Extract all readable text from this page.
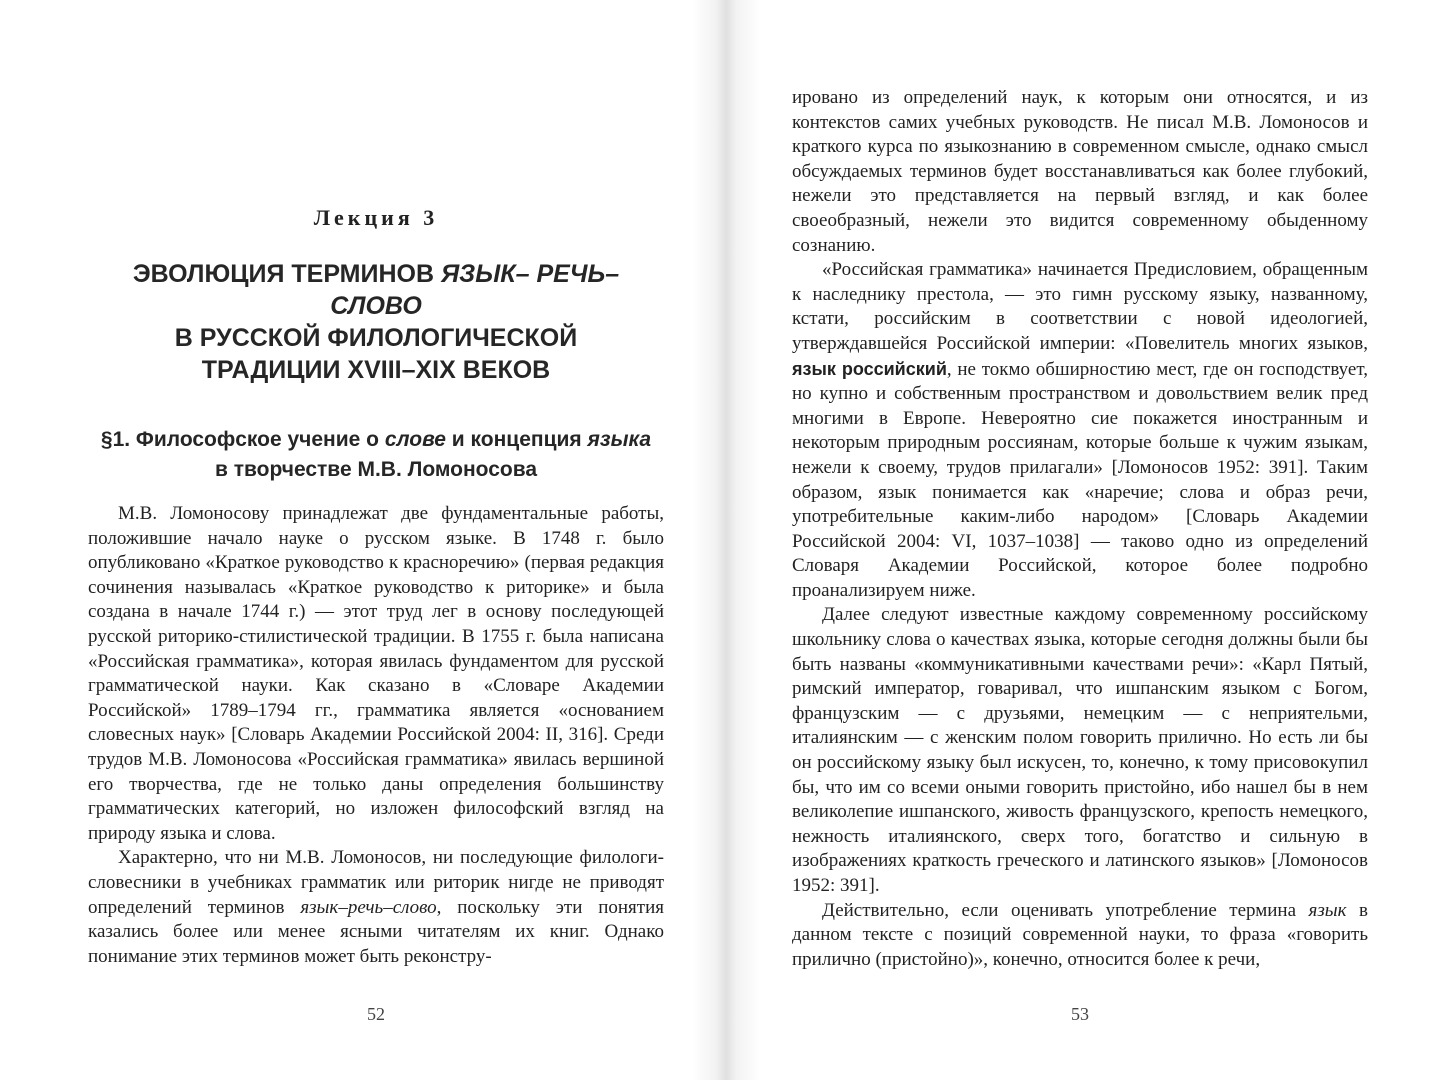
Лекция 3
ЭВОЛЮЦИЯ ТЕРМИНОВ ЯЗЫК– РЕЧЬ–СЛОВО
В РУССКОЙ ФИЛОЛОГИЧЕСКОЙ
ТРАДИЦИИ XVIII–XIX ВЕКОВ
§1. Философское учение о слове и концепция языка
в творчестве М.В. Ломоносова

М.В. Ломоносову принадлежат две фундаментальные работы, положившие начало науке о русском языке. В 1748 г. было опубликовано «Краткое руководство к красноречию» (первая редакция сочинения называлась «Краткое руководство к риторике» и была создана в начале 1744 г.) — этот труд лег в основу последующей русской риторико-стилистической традиции. В 1755 г. была написана «Российская грамматика», которая явилась фундаментом для русской грамматической науки. Как сказано в «Словаре Академии Российской» 1789–1794 гг., грамматика является «основанием словесных наук» [Словарь Академии Российской 2004: II, 316]. Среди трудов М.В. Ломоносова «Российская грамматика» явилась вершиной его творчества, где не только даны определения большинству грамматических категорий, но изложен философский взгляд на природу языка и слова.

Характерно, что ни М.В. Ломоносов, ни последующие филологи-словесники в учебниках грамматик или риторик нигде не приводят определений терминов язык–речь–слово, поскольку эти понятия казались более или менее ясными читателям их книг. Однако понимание этих терминов может быть реконстру-

52

ировано из определений наук, к которым они относятся, и из контекстов самих учебных руководств. Не писал М.В. Ломоносов и краткого курса по языкознанию в современном смысле, однако смысл обсуждаемых терминов будет восстанавливаться как более глубокий, нежели это представляется на первый взгляд, и как более своеобразный, нежели это видится современному обыденному сознанию.

«Российская грамматика» начинается Предисловием, обращенным к наследнику престола, — это гимн русскому языку, названному, кстати, российским в соответствии с новой идеологией, утверждавшейся Российской империи: «Повелитель многих языков, язык российский, не токмо обширностию мест, где он господствует, но купно и собственным пространством и довольствием велик пред многими в Европе. Невероятно сие покажется иностранным и некоторым природным россиянам, которые больше к чужим языкам, нежели к своему, трудов прилагали» [Ломоносов 1952: 391]. Таким образом, язык понимается как «наречие; слова и образ речи, употребительные каким-либо народом» [Словарь Академии Российской 2004: VI, 1037–1038] — таково одно из определений Словаря Академии Российской, которое более подробно проанализируем ниже.

Далее следуют известные каждому современному российскому школьнику слова о качествах языка, которые сегодня должны были бы быть названы «коммуникативными качествами речи»: «Карл Пятый, римский император, говаривал, что ишпанским языком с Богом, французским — с друзьями, немецким — с неприятельми, италиянским — с женским полом говорить прилично. Но есть ли бы он российскому языку был искусен, то, конечно, к тому присовокупил бы, что им со всеми оными говорить пристойно, ибо нашел бы в нем великолепие ишпанского, живость французского, крепость немецкого, нежность италиянского, сверх того, богатство и сильную в изображениях краткость греческого и латинского языков» [Ломоносов 1952: 391].

Действительно, если оценивать употребление термина язык в данном тексте с позиций современной науки, то фраза «говорить прилично (пристойно)», конечно, относится более к речи,

53
